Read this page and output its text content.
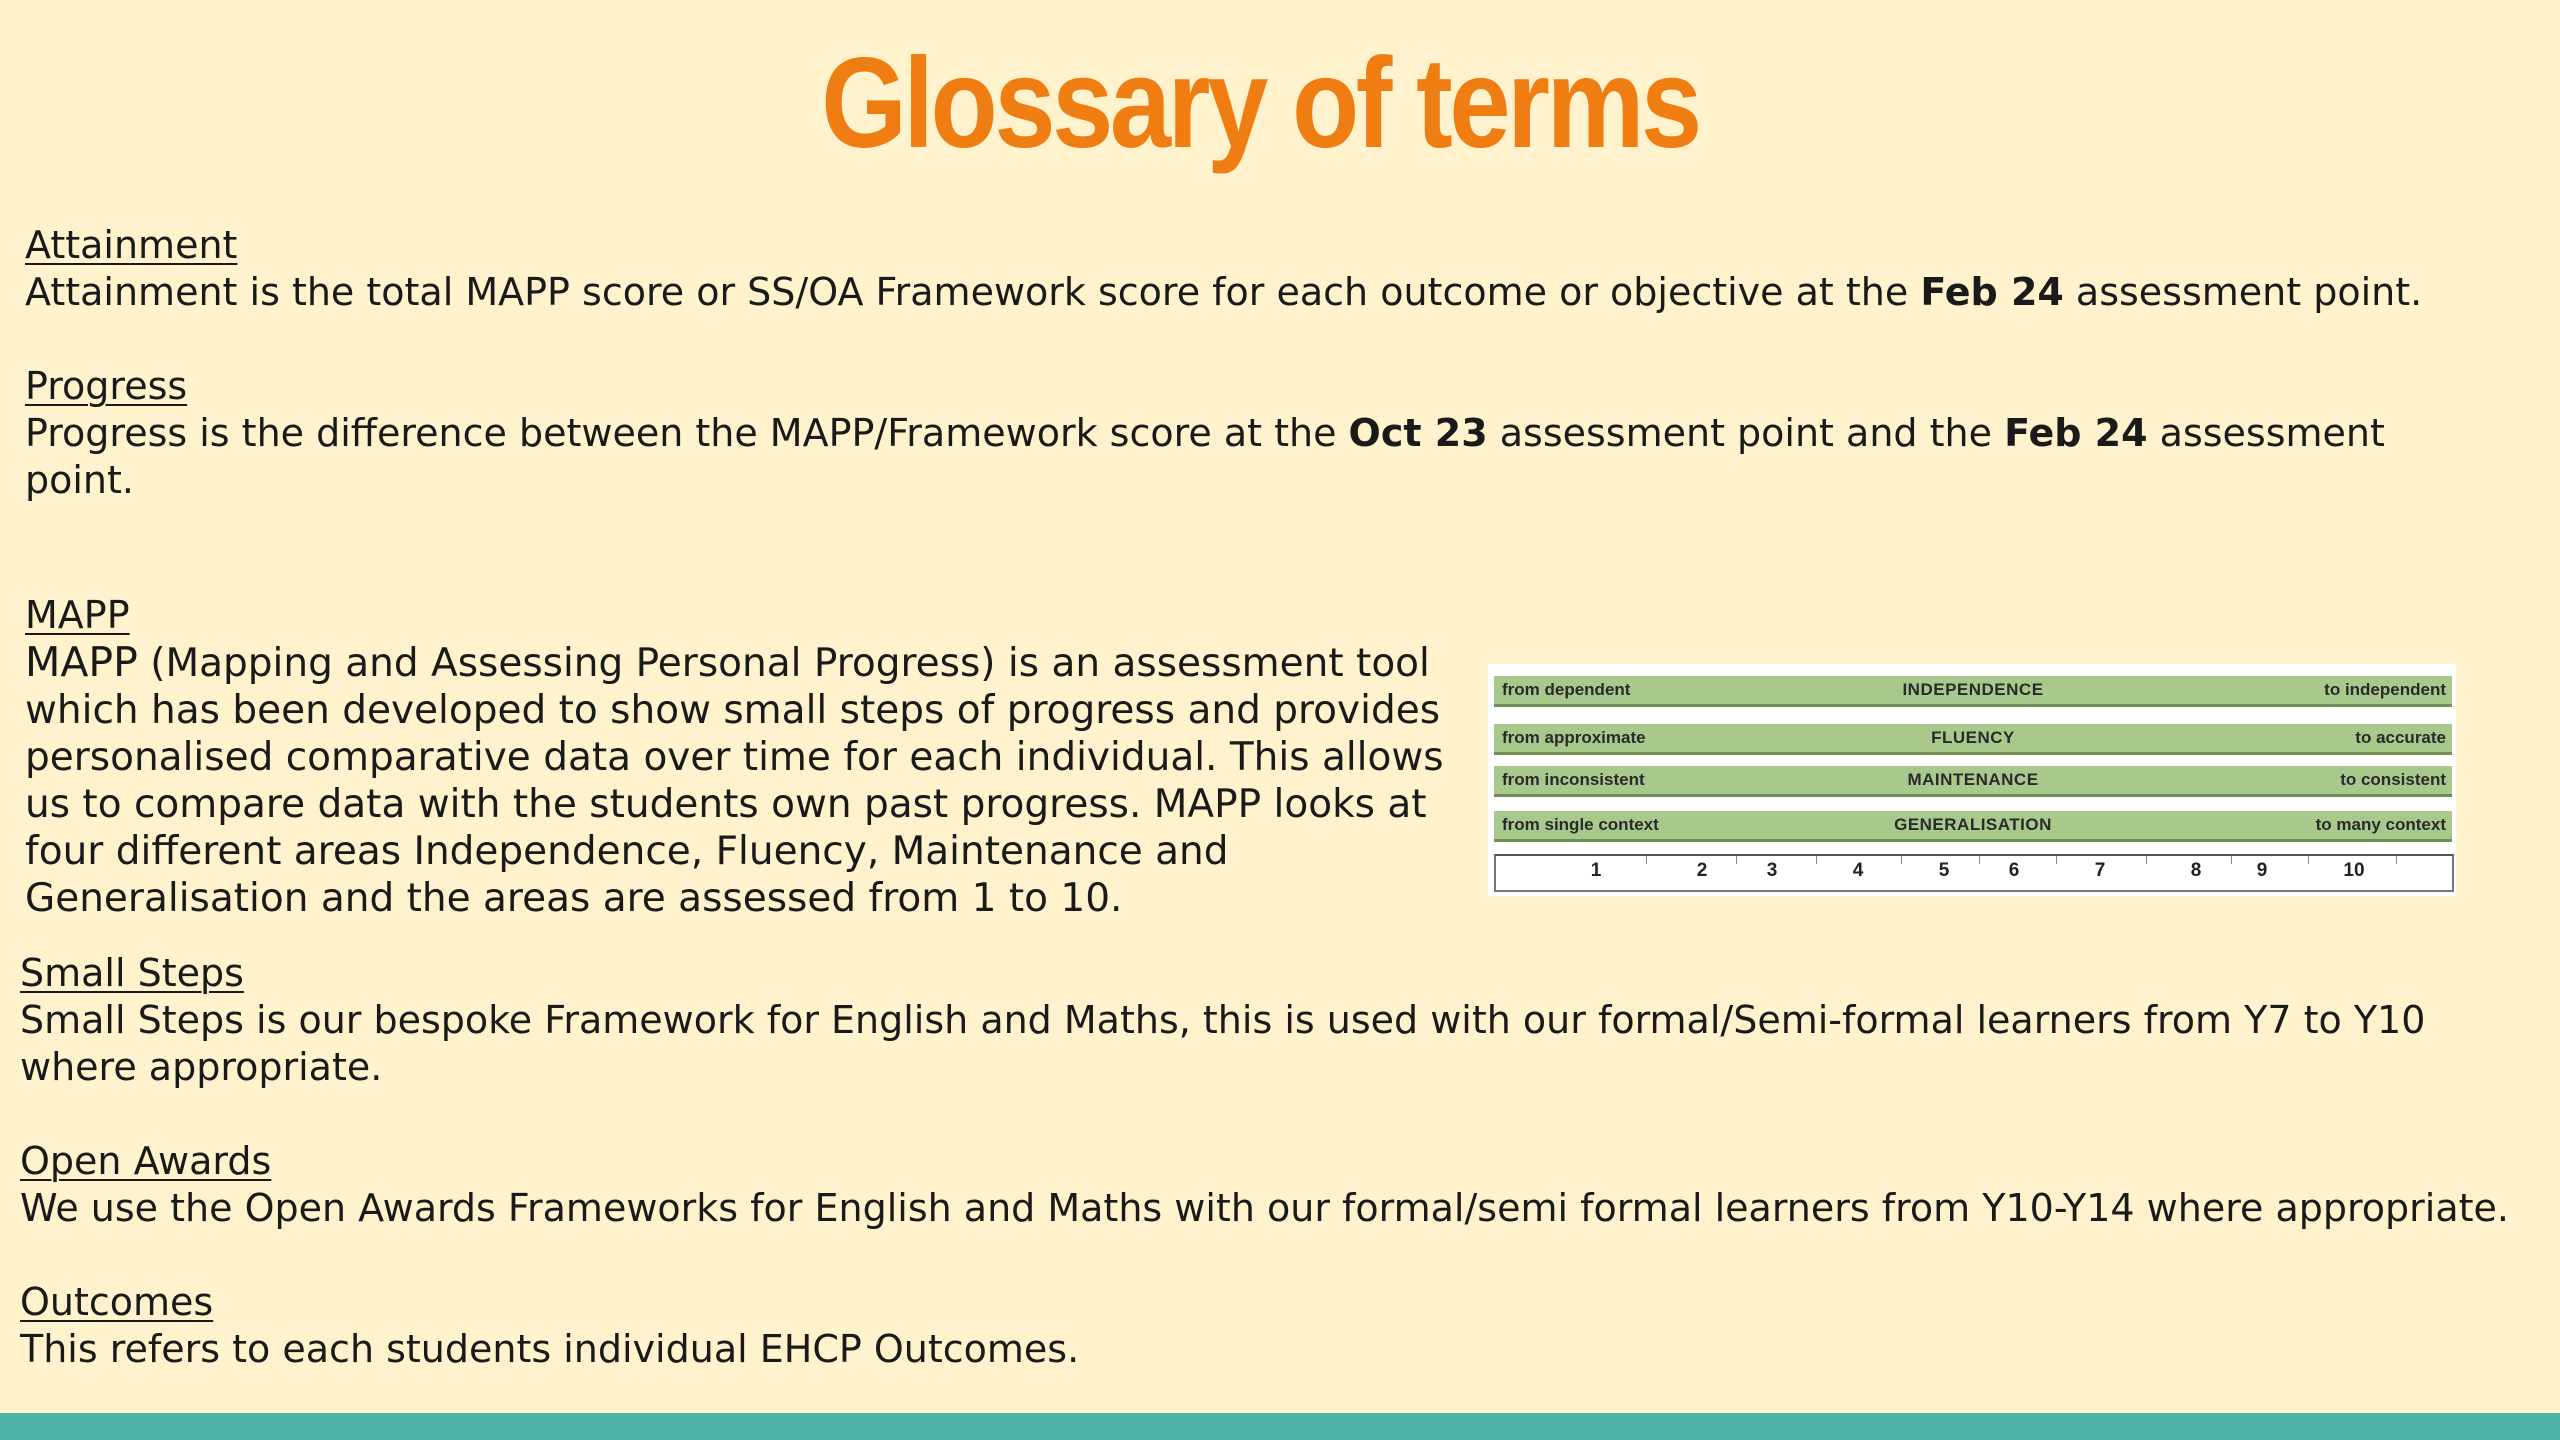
Glossary of terms
Attainment

Attainment is the total MAPP score or SS/OA Framework score for each outcome or objective at the Feb 24 assessment point.

Progress

Progress is the difference between the MAPP/Framework score at the Oct 23 assessment point and the Feb 24 assessment point.

MAPP

MAPP (Mapping and Assessing Personal Progress) is an assessment tool which has been developed to show small steps of progress and provides personalised comparative data over time for each individual. This allows us to compare data with the students own past progress. MAPP looks at four different areas Independence, Fluency, Maintenance and Generalisation and the areas are assessed from 1 to 10.

from dependent	INDEPENDENCE	to independent
from approximate	FLUENCY	to accurate
from inconsistent	MAINTENANCE	to consistent
from single context	GENERALISATION	to many context
1	2	3	4	5	6	7	8	9	10
Small Steps

Small Steps is our bespoke Framework for English and Maths, this is used with our formal/Semi-formal learners from Y7 to Y10 where appropriate.

Open Awards

We use the Open Awards Frameworks for English and Maths with our formal/semi formal learners from Y10-Y14 where appropriate.

Outcomes

This refers to each students individual EHCP Outcomes.
